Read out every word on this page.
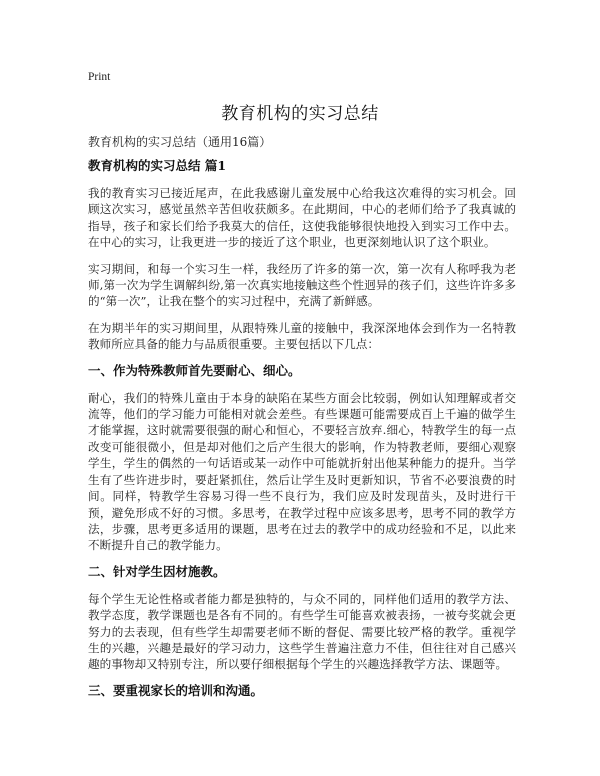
Print
教育机构的实习总结
教育机构的实习总结（通用16篇）
教育机构的实习总结 篇1

我的教育实习已接近尾声，在此我感谢儿童发展中心给我这次难得的实习机会。回顾这次实习，感觉虽然辛苦但收获颇多。在此期间，中心的老师们给予了我真诚的指导，孩子和家长们给予我莫大的信任，这使我能够很快地投入到实习工作中去。在中心的实习，让我更进一步的接近了这个职业，也更深刻地认识了这个职业。

实习期间，和每一个实习生一样，我经历了许多的第一次，第一次有人称呼我为老师,第一次为学生调解纠纷,第一次真实地接触这些个性迥异的孩子们，这些许许多多的“第一次”，让我在整个的实习过程中，充满了新鲜感。

在为期半年的实习期间里，从跟特殊儿童的接触中，我深深地体会到作为一名特教教师所应具备的能力与品质很重要。主要包括以下几点：

一、作为特殊教师首先要耐心、细心。

耐心，我们的特殊儿童由于本身的缺陷在某些方面会比较弱，例如认知理解或者交流等，他们的学习能力可能相对就会差些。有些课题可能需要成百上千遍的做学生才能掌握，这时就需要很强的耐心和恒心，不要轻言放弃.细心，特教学生的每一点改变可能很微小，但是却对他们之后产生很大的影响，作为特教老师，要细心观察学生，学生的偶然的一句话语或某一动作中可能就折射出他某种能力的提升。当学生有了些许进步时，要赶紧抓住，然后让学生及时更新知识，节省不必要浪费的时间。同样，特教学生容易习得一些不良行为，我们应及时发现苗头，及时进行干预，避免形成不好的习惯。多思考，在教学过程中应该多思考，思考不同的教学方法，步骤，思考更多适用的课题，思考在过去的教学中的成功经验和不足，以此来不断提升自己的教学能力。

二、针对学生因材施教。

每个学生无论性格或者能力都是独特的，与众不同的，同样他们适用的教学方法、教学态度，教学课题也是各有不同的。有些学生可能喜欢被表扬，一被夸奖就会更努力的去表现，但有些学生却需要老师不断的督促、需要比较严格的教学。重视学生的兴趣，兴趣是最好的学习动力，这些学生普遍注意力不佳，但往往对自己感兴趣的事物却又特别专注，所以要仔细根据每个学生的兴趣选择教学方法、课题等。

三、要重视家长的培训和沟通。
